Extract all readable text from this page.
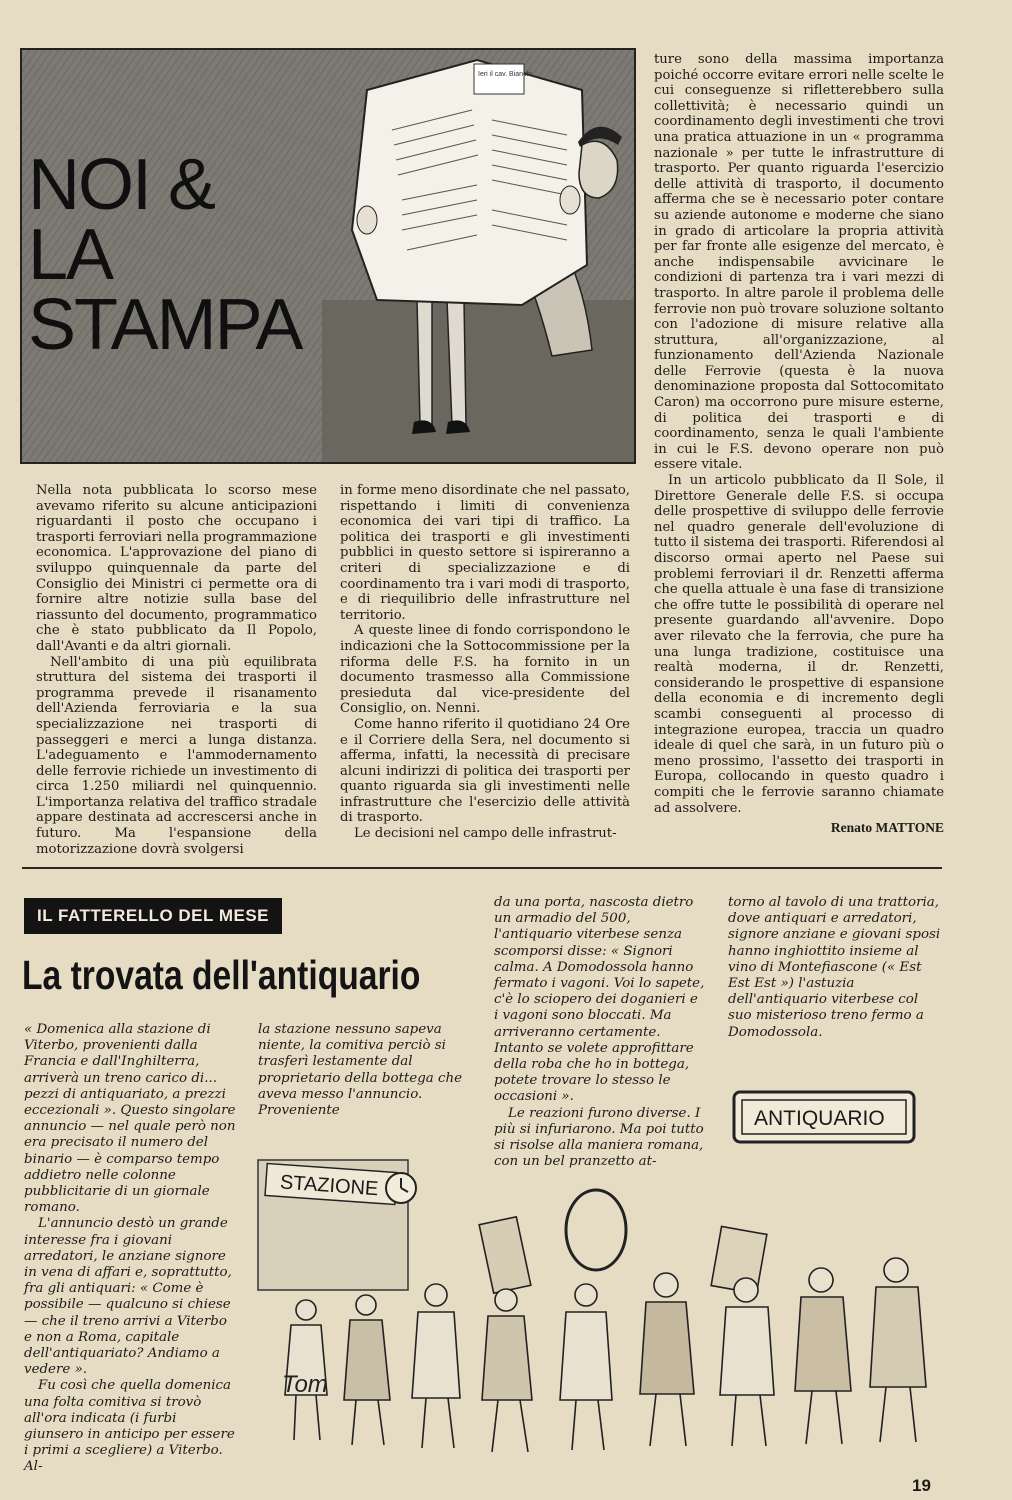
Ieri il cav. Bianchi
NOI &
LA STAMPA

ture sono della massima importanza poiché occorre evitare errori nelle scelte le cui conseguenze si rifletterebbero sulla collettività; è necessario quindi un coordinamento degli investimenti che trovi una pratica attuazione in un « programma nazionale » per tutte le infrastrutture di trasporto. Per quanto riguarda l'esercizio delle attività di trasporto, il documento afferma che se è necessario poter contare su aziende autonome e moderne che siano in grado di articolare la propria attività per far fronte alle esigenze del mercato, è anche indispensabile avvicinare le condizioni di partenza tra i vari mezzi di trasporto. In altre parole il problema delle ferrovie non può trovare soluzione soltanto con l'adozione di misure relative alla struttura, all'organizzazione, al funzionamento dell'Azienda Nazionale delle Ferrovie (questa è la nuova denominazione proposta dal Sottocomitato Caron) ma occorrono pure misure esterne, di politica dei trasporti e di coordinamento, senza le quali l'ambiente in cui le F.S. devono operare non può essere vitale.

In un articolo pubblicato da Il Sole, il Direttore Generale delle F.S. si occupa delle prospettive di sviluppo delle ferrovie nel quadro generale dell'evoluzione di tutto il sistema dei trasporti. Riferendosi al discorso ormai aperto nel Paese sui problemi ferroviari il dr. Renzetti afferma che quella attuale è una fase di transizione che offre tutte le possibilità di operare nel presente guardando all'avvenire. Dopo aver rilevato che la ferrovia, che pure ha una lunga tradizione, costituisce una realtà moderna, il dr. Renzetti, considerando le prospettive di espansione della economia e di incremento degli scambi conseguenti al processo di integrazione europea, traccia un quadro ideale di quel che sarà, in un futuro più o meno prossimo, l'assetto dei trasporti in Europa, collocando in questo quadro i compiti che le ferrovie saranno chiamate ad assolvere.

Renato MATTONE

Nella nota pubblicata lo scorso mese avevamo riferito su alcune anticipazioni riguardanti il posto che occupano i trasporti ferroviari nella programmazione economica. L'approvazione del piano di sviluppo quinquennale da parte del Consiglio dei Ministri ci permette ora di fornire altre notizie sulla base del riassunto del documento, programmatico che è stato pubblicato da Il Popolo, dall'Avanti e da altri giornali.

Nell'ambito di una più equilibrata struttura del sistema dei trasporti il programma prevede il risanamento dell'Azienda ferroviaria e la sua specializzazione nei trasporti di passeggeri e merci a lunga distanza. L'adeguamento e l'ammodernamento delle ferrovie richiede un investimento di circa 1.250 miliardi nel quinquennio. L'importanza relativa del traffico stradale appare destinata ad accrescersi anche in futuro. Ma l'espansione della motorizzazione dovrà svolgersi

in forme meno disordinate che nel passato, rispettando i limiti di convenienza economica dei vari tipi di traffico. La politica dei trasporti e gli investimenti pubblici in questo settore si ispireranno a criteri di specializzazione e di coordinamento tra i vari modi di trasporto, e di riequilibrio delle infrastrutture nel territorio.

A queste linee di fondo corrispondono le indicazioni che la Sottocommissione per la riforma delle F.S. ha fornito in un documento trasmesso alla Commissione presieduta dal vice-presidente del Consiglio, on. Nenni.

Come hanno riferito il quotidiano 24 Ore e il Corriere della Sera, nel documento si afferma, infatti, la necessità di precisare alcuni indirizzi di politica dei trasporti per quanto riguarda sia gli investimenti nelle infrastrutture che l'esercizio delle attività di trasporto.

Le decisioni nel campo delle infrastrut-

IL FATTERELLO DEL MESE
La trovata dell'antiquario

« Domenica alla stazione di Viterbo, provenienti dalla Francia e dall'Inghilterra, arriverà un treno carico di... pezzi di antiquariato, a prezzi eccezionali ». Questo singolare annuncio — nel quale però non era precisato il numero del binario — è comparso tempo addietro nelle colonne pubblicitarie di un giornale romano.

L'annuncio destò un grande interesse fra i giovani arredatori, le anziane signore in vena di affari e, soprattutto, fra gli antiquari: « Come è possibile — qualcuno si chiese — che il treno arrivi a Viterbo e non a Roma, capitale dell'antiquariato? Andiamo a vedere ».

Fu così che quella domenica una folta comitiva si trovò all'ora indicata (i furbi giunsero in anticipo per essere i primi a scegliere) a Viterbo. Al-

la stazione nessuno sapeva niente, la comitiva perciò si trasferì lestamente dal proprietario della bottega che aveva messo l'annuncio. Proveniente

da una porta, nascosta dietro un armadio del 500, l'antiquario viterbese senza scomporsi disse: « Signori calma. A Domodossola hanno fermato i vagoni. Voi lo sapete, c'è lo sciopero dei doganieri e i vagoni sono bloccati. Ma arriveranno certamente. Intanto se volete approfittare della roba che ho in bottega, potete trovare lo stesso le occasioni ».

Le reazioni furono diverse. I più si infuriarono. Ma poi tutto si risolse alla maniera romana, con un bel pranzetto at-

torno al tavolo di una trattoria, dove antiquari e arredatori, signore anziane e giovani sposi hanno inghiottito insieme al vino di Montefiascone (« Est Est Est ») l'astuzia dell'antiquario viterbese col suo misterioso treno fermo a Domodossola.

STAZIONE
ANTIQUARIO
Tom
19
